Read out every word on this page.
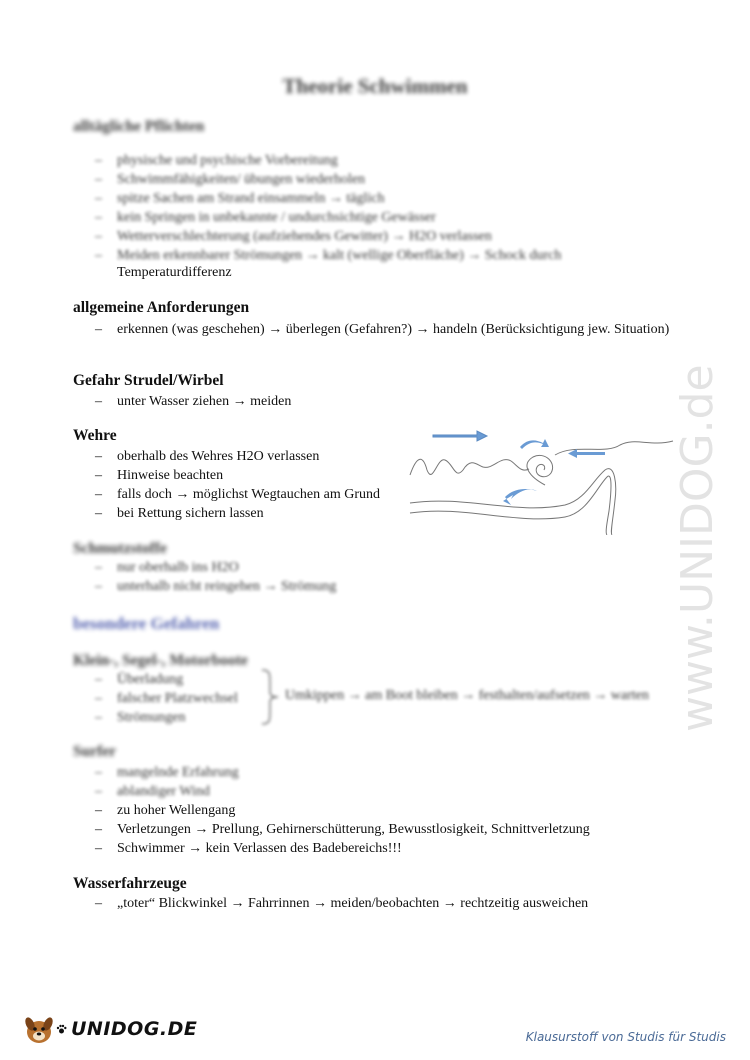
www.UNIDOG.de
Theorie Schwimmen
alltägliche Pflichten
– physische und psychische Vorbereitung
– Schwimmfähigkeiten/ übungen wiederholen
– spitze Sachen am Strand einsammeln → täglich
– kein Springen in unbekannte / undurchsichtige Gewässer
– Wetterverschlechterung (aufziehendes Gewitter) → H2O verlassen
– Meiden erkennbarer Strömungen → kalt (wellige Oberfläche) → Schock durch
Temperaturdifferenz
allgemeine Anforderungen
– erkennen (was geschehen) → überlegen (Gefahren?) → handeln (Berücksichtigung jew. Situation)
Gefahr Strudel/Wirbel
– unter Wasser ziehen → meiden
Wehre
– oberhalb des Wehres H2O verlassen
– Hinweise beachten
– falls doch → möglichst Wegtauchen am Grund
– bei Rettung sichern lassen
Schmutzstoffe
– nur oberhalb ins H2O
– unterhalb nicht reingehen → Strömung
besondere Gefahren
Klein-, Segel-, Motorboote
– Überladung
– falscher Platzwechsel
– Strömungen
Umkippen → am Boot bleiben → festhalten/aufsetzen → warten
Surfer
– mangelnde Erfahrung
– ablandiger Wind
– zu hoher Wellengang
– Verletzungen → Prellung, Gehirnerschütterung, Bewusstlosigkeit, Schnittverletzung
– Schwimmer → kein Verlassen des Badebereichs!!!
Wasserfahrzeuge
– „toter“ Blickwinkel → Fahrrinnen → meiden/beobachten → rechtzeitig ausweichen
UNIDOG.DE	Klausurstoff von Studis für Studis
